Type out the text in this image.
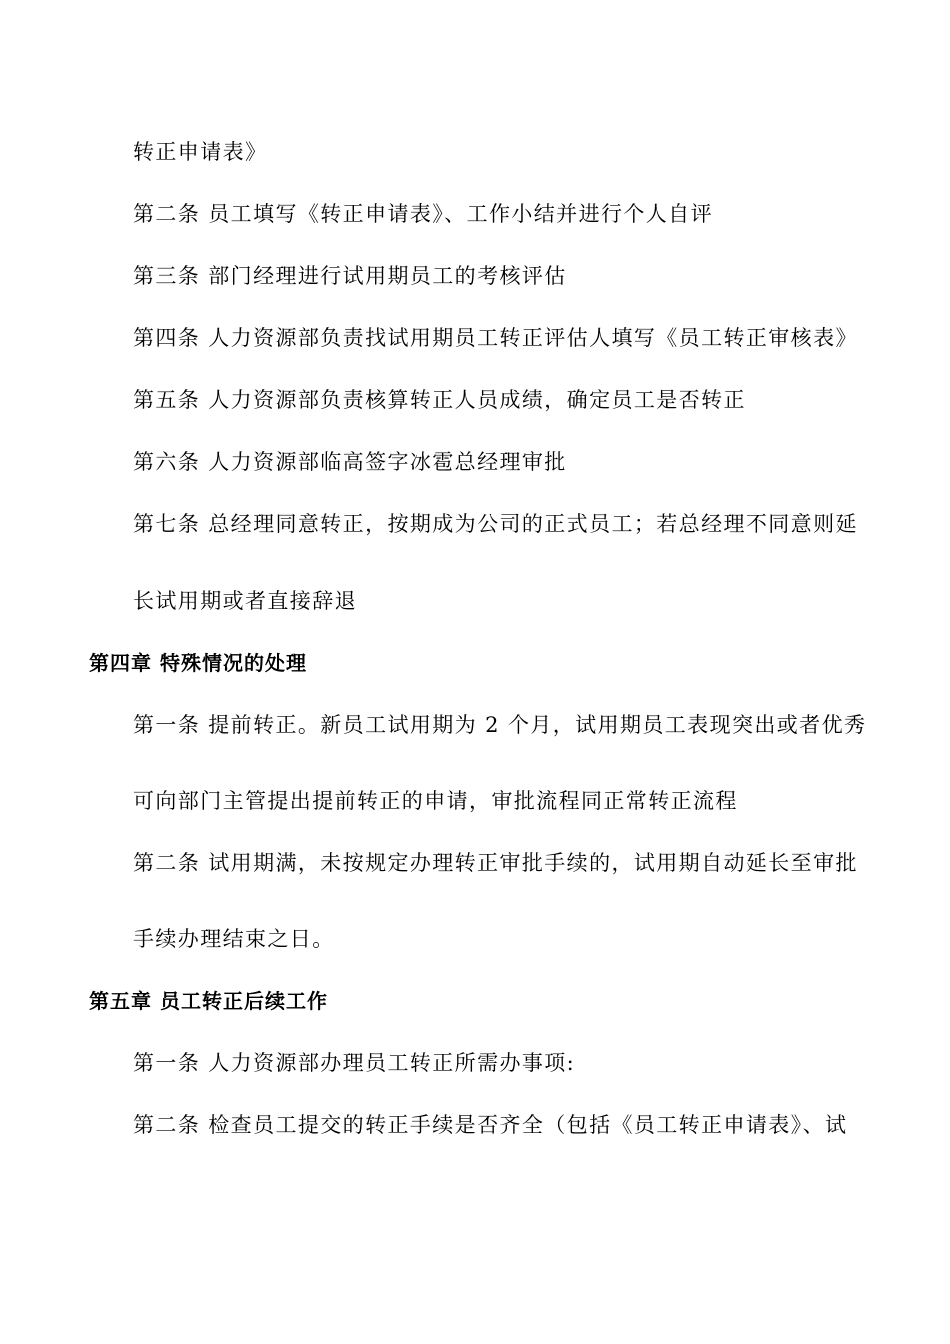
转正申请表》
第二条 员工填写《转正申请表》、工作小结并进行个人自评
第三条 部门经理进行试用期员工的考核评估
第四条 人力资源部负责找试用期员工转正评估人填写《员工转正审核表》
第五条 人力资源部负责核算转正人员成绩，确定员工是否转正
第六条 人力资源部临高签字冰雹总经理审批
第七条 总经理同意转正，按期成为公司的正式员工；若总经理不同意则延
长试用期或者直接辞退
第四章 特殊情况的处理
第一条 提前转正。新员工试用期为 2 个月，试用期员工表现突出或者优秀
可向部门主管提出提前转正的申请，审批流程同正常转正流程
第二条 试用期满，未按规定办理转正审批手续的，试用期自动延长至审批
手续办理结束之日。
第五章 员工转正后续工作
第一条 人力资源部办理员工转正所需办事项:
第二条 检查员工提交的转正手续是否齐全（包括《员工转正申请表》、试
